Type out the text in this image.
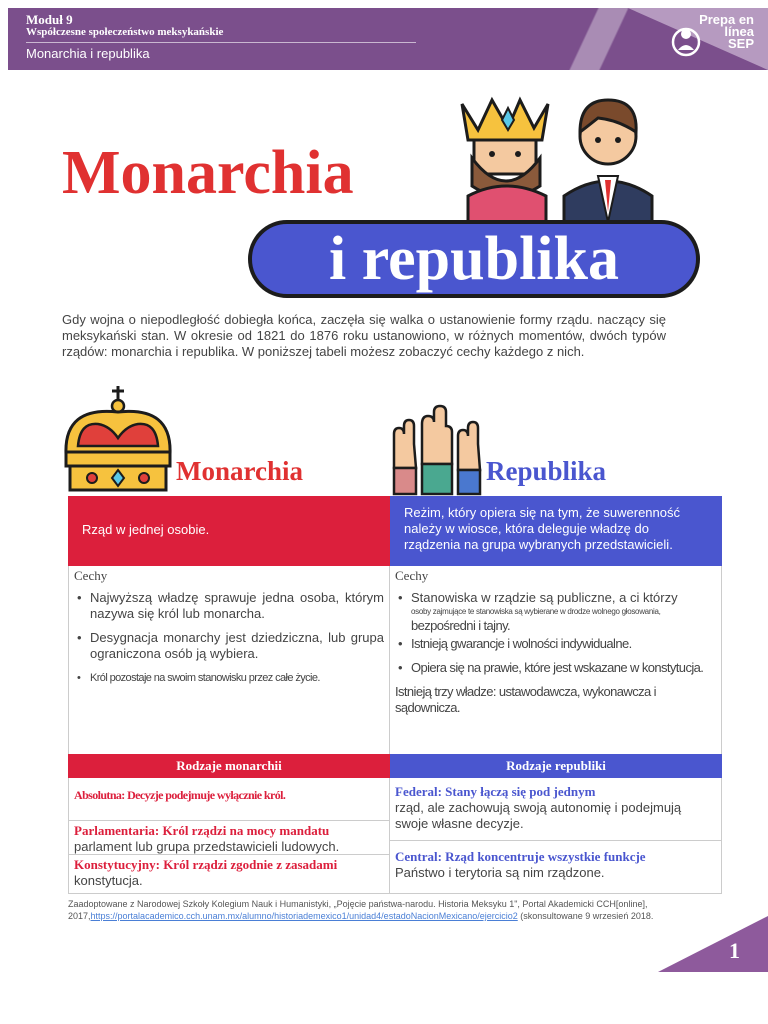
Moduł 9
Współczesne społeczeństwo meksykańskie
Monarchia i republika
Prepa en
línea
SEP
Monarchia
i republika

Gdy wojna o niepodległość dobiegła końca, zaczęła się walka o ustanowienie formy rządu. naczący się meksykański stan. W okresie od 1821 do 1876 roku ustanowiono, w różnych momentów, dwóch typów rządów: monarchia i republika. W poniższej tabeli możesz zobaczyć cechy każdego z nich.

Monarchia	Republika
Rząd w jednej osobie.
Reżim, który opiera się na tym, że suwerenność należy w wiosce, która deleguje władzę do rządzenia na grupa wybranych przedstawicieli.
Cechy
• Najwyższą władzę sprawuje jedna osoba, którym nazywa się król lub monarcha.
• Desygnacja monarchy jest dziedziczna, lub grupa ograniczona osób ją wybiera.
• Król pozostaje na swoim stanowisku przez całe życie.
Cechy
• Stanowiska w rządzie są publiczne, a ci którzy
osoby zajmujące te stanowiska są wybierane w drodze wolnego głosowania,
bezpośredni i tajny.
• Istnieją gwarancje i wolności indywidualne.
• Opiera się na prawie, które jest wskazane w konstytucja.
Istnieją trzy władze: ustawodawcza, wykonawcza i sądownicza.
Rodzaje monarchii	Rodzaje republiki
Absolutna: Decyzje podejmuje wyłącznie król.
Parlamentaria: Król rządzi na mocy mandatu
parlament lub grupa przedstawicieli ludowych.
Konstytucyjny: Król rządzi zgodnie z zasadami
konstytucja.
Federal: Stany łączą się pod jednym
rząd, ale zachowują swoją autonomię i podejmują swoje własne decyzje.
Central: Rząd koncentruje wszystkie funkcje
Państwo i terytoria są nim rządzone.
Zaadoptowane z Narodowej Szkoły Kolegium Nauk i Humanistyki, „Pojęcie państwa-narodu. Historia Meksyku 1", Portal Akademicki CCH[online], 2017,https://portalacademico.cch.unam.mx/alumno/historiademexico1/unidad4/estadoNacionMexicano/ejercicio2 (skonsultowane 9 wrzesień 2018.
1
